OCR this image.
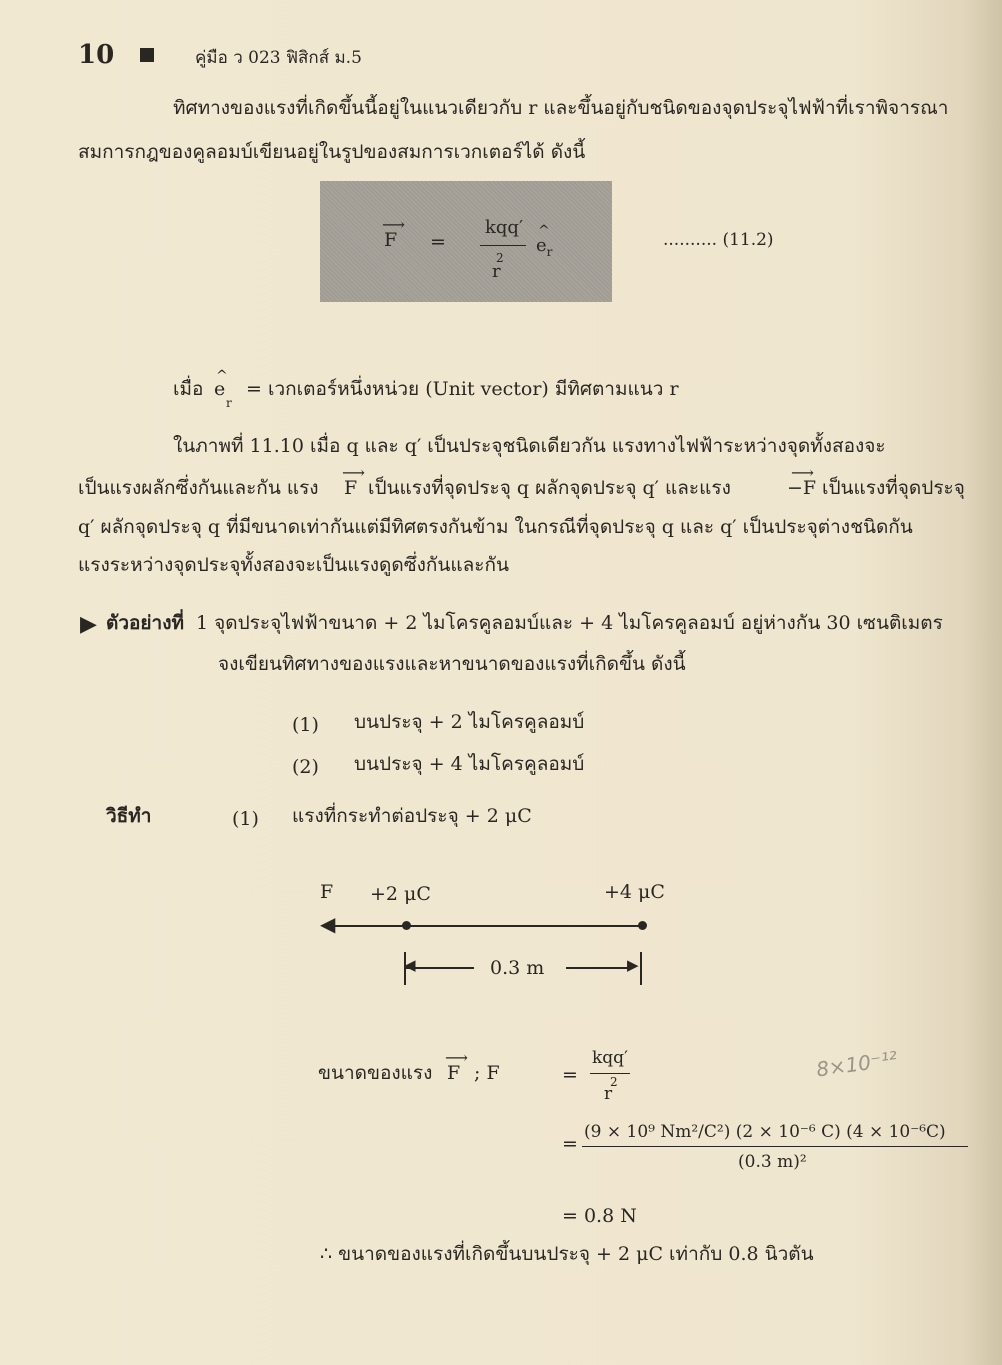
10	คู่มือ ว 023 ฟิสิกส์ ม.5
ทิศทางของแรงที่เกิดขึ้นนี้อยู่ในแนวเดียวกับ r และขึ้นอยู่กับชนิดของจุดประจุไฟฟ้าที่เราพิจารณา
สมการกฎของคูลอมบ์เขียนอยู่ในรูปของสมการเวกเตอร์ได้ ดังนี้
⟶
F =
kqq′
2
r
^
$e_r$
.......... (11.2)
เมื่อ
^
e
r
= เวกเตอร์หนึ่งหน่วย (Unit vector) มีทิศตามแนว r
ในภาพที่ 11.10 เมื่อ q และ q′ เป็นประจุชนิดเดียวกัน แรงทางไฟฟ้าระหว่างจุดทั้งสองจะ
เป็นแรงผลักซึ่งกันและกัน แรง
⟶
F เป็นแรงที่จุดประจุ q ผลักจุดประจุ q′ และแรง
⟶
−F เป็นแรงที่จุดประจุ
q′ ผลักจุดประจุ q ที่มีขนาดเท่ากันแต่มีทิศตรงกันข้าม ในกรณีที่จุดประจุ q และ q′ เป็นประจุต่างชนิดกัน
แรงระหว่างจุดประจุทั้งสองจะเป็นแรงดูดซึ่งกันและกัน
▶ ตัวอย่างที่ 1 จุดประจุไฟฟ้าขนาด + 2 ไมโครคูลอมบ์และ + 4 ไมโครคูลอมบ์ อยู่ห่างกัน 30 เซนติเมตร
จงเขียนทิศทางของแรงและหาขนาดของแรงที่เกิดขึ้น ดังนี้
(1) บนประจุ + 2 ไมโครคูลอมบ์
(2) บนประจุ + 4 ไมโครคูลอมบ์
วิธีทำ	(1) แรงที่กระทำต่อประจุ + 2 μC
F +2 μC	+4 μC
◀
◀	▶
0.3 m
ขนาดของแรง
⟶
F ; F	=
kqq′
2
r
=
(9 × 10⁹ Nm²/C²) (2 × 10⁻⁶ C) (4 × 10⁻⁶C)
(0.3 m)²
= 0.8 N
∴ ขนาดของแรงที่เกิดขึ้นบนประจุ + 2 μC เท่ากับ 0.8 นิวตัน
8×10⁻¹²
